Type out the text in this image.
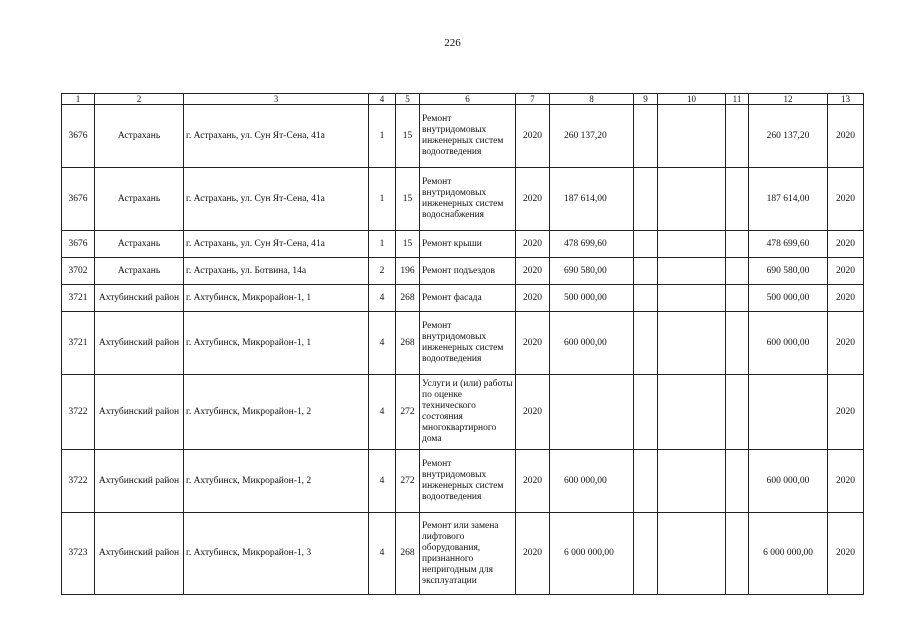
226
1	2	3	4	5	6	7	8	9	10	11	12	13
3676	Астрахань	г. Астрахань, ул. Сун Ят-Сена, 41а	1	15	Ремонт внутридомовых инженерных систем водоотведения	2020	260 137,20				260 137,20	2020
3676	Астрахань	г. Астрахань, ул. Сун Ят-Сена, 41а	1	15	Ремонт внутридомовых инженерных систем водоснабжения	2020	187 614,00				187 614,00	2020
3676	Астрахань	г. Астрахань, ул. Сун Ят-Сена, 41а	1	15	Ремонт крыши	2020	478 699,60				478 699,60	2020
3702	Астрахань	г. Астрахань, ул. Ботвина, 14а	2	196	Ремонт подъездов	2020	690 580,00				690 580,00	2020
3721	Ахтубинский район	г. Ахтубинск, Микрорайон-1, 1	4	268	Ремонт фасада	2020	500 000,00				500 000,00	2020
3721	Ахтубинский район	г. Ахтубинск, Микрорайон-1, 1	4	268	Ремонт внутридомовых инженерных систем водоотведения	2020	600 000,00				600 000,00	2020
3722	Ахтубинский район	г. Ахтубинск, Микрорайон-1, 2	4	272	Услуги и (или) работы по оценке технического состояния многоквартирного дома	2020						2020
3722	Ахтубинский район	г. Ахтубинск, Микрорайон-1, 2	4	272	Ремонт внутридомовых инженерных систем водоотведения	2020	600 000,00				600 000,00	2020
3723	Ахтубинский район	г. Ахтубинск, Микрорайон-1, 3	4	268	Ремонт или замена лифтового оборудования, признанного непригодным для эксплуатации	2020	6 000 000,00				6 000 000,00	2020
